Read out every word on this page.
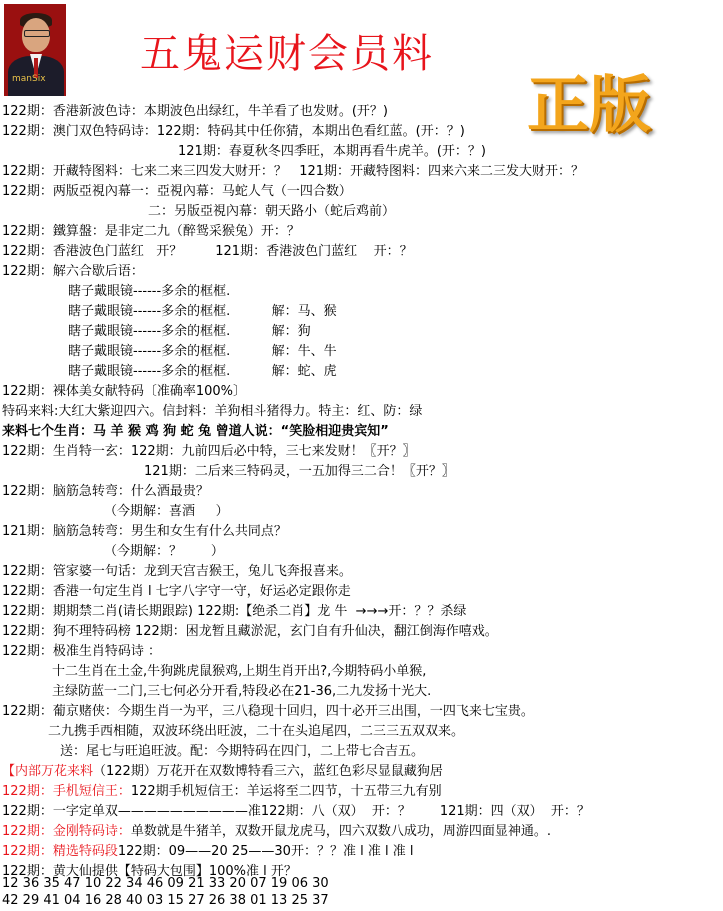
manSix
五鬼运财会员料
正版
122期：香港新波色诗：本期波色出绿红，牛羊看了也发财。(开？)
122期：澳门双色特码诗：122期：特码其中任你猜，本期出色看红蓝。(开：？)
121期：春夏秋冬四季旺，本期再看牛虎羊。(开：？)
122期：开藏特图料：七来二来三四发大财开：？   121期：开藏特图料：四来六来二三发大财开：？
122期：两版亞視內幕一：亞視內幕：马蛇人气（一四合数）
二：另版亞視內幕：朝天路小（蛇后鸡前）
122期：鐵算盤：是非定二九（醉鸳采猴兔）开：？
122期：香港波色门蓝红   开？        121期：香港波色门蓝红    开：？
122期：解六合歇后语：
瞎子戴眼镜------多余的框框.
瞎子戴眼镜------多余的框框.          解：马、猴
瞎子戴眼镜------多余的框框.          解：狗
瞎子戴眼镜------多余的框框.          解：牛、牛
瞎子戴眼镜------多余的框框.          解：蛇、虎
122期：裸体美女献特码〔准确率100%〕
特码来料:大红大紫迎四六。信封料：羊狗相斗猪得力。特主：红、防：绿
来料七个生肖：马 羊 猴 鸡 狗 蛇 兔 曾道人说：“笑脸相迎贵宾知”
122期：生肖特一玄：122期：九前四后必中特，三七来发财！〖开？〗
121期：二后来三特码灵，一五加得三二合！〖开？〗
122期：脑筋急转弯：什么酒最贵？
（今期解：喜酒     ）
121期：脑筋急转弯：男生和女生有什么共同点？
（今期解：？       ）
122期：管家婆一句话：龙到天宫吉猴王，兔儿飞奔报喜来。
122期：香港一句定生肖 l 七字八字守一守，好运必定跟你走
122期：期期禁二肖(请长期跟踪) 122期:【绝杀二肖】龙 牛  →→→开：？？杀绿
122期：狗不理特码榜 122期：困龙暂且藏淤泥，玄门自有升仙决，翻江倒海作嘻戏。
122期：极准生肖特码诗 ：
十二生肖在土金,牛狗跳虎鼠猴鸡,上期生肖开出?,今期特码小单猴,
主绿防蓝一二门,三七何必分开看,特段必在21-36,二九发扬十光大.
122期：葡京赌侠：今期生肖一为平，三八稳现十回归，四十必开三出围，一四飞来七宝贵。
二九携手西相随，双波环绕出旺波，二十在头追尾四，二三三五双双来。
送：尾七与旺追旺波。配：今期特码在四门，二上带七合吉五。
【内部万花来料（122期）万花开在双数博特看三六，蓝红色彩尽显鼠藏狗居
122期：手机短信王：122期手机短信王：羊运将至二四节，十五带三九有别
122期：一字定单双——————————准122期：八（双）  开：？       121期：四（双）  开：？
122期：金刚特码诗：单数就是牛猪羊，双数开鼠龙虎马，四六双数八成功，周游四面显神通。.
122期：精选特码段122期：09——20 25——30开：？？准 l 准 l 准 l
122期：黄大仙提供【特码大包围】100%准 l 开？
12 36 35 47 10 22 34 46 09 21 33 20 07 19 06 30
42 29 41 04 16 28 40 03 15 27 26 38 01 13 25 37
